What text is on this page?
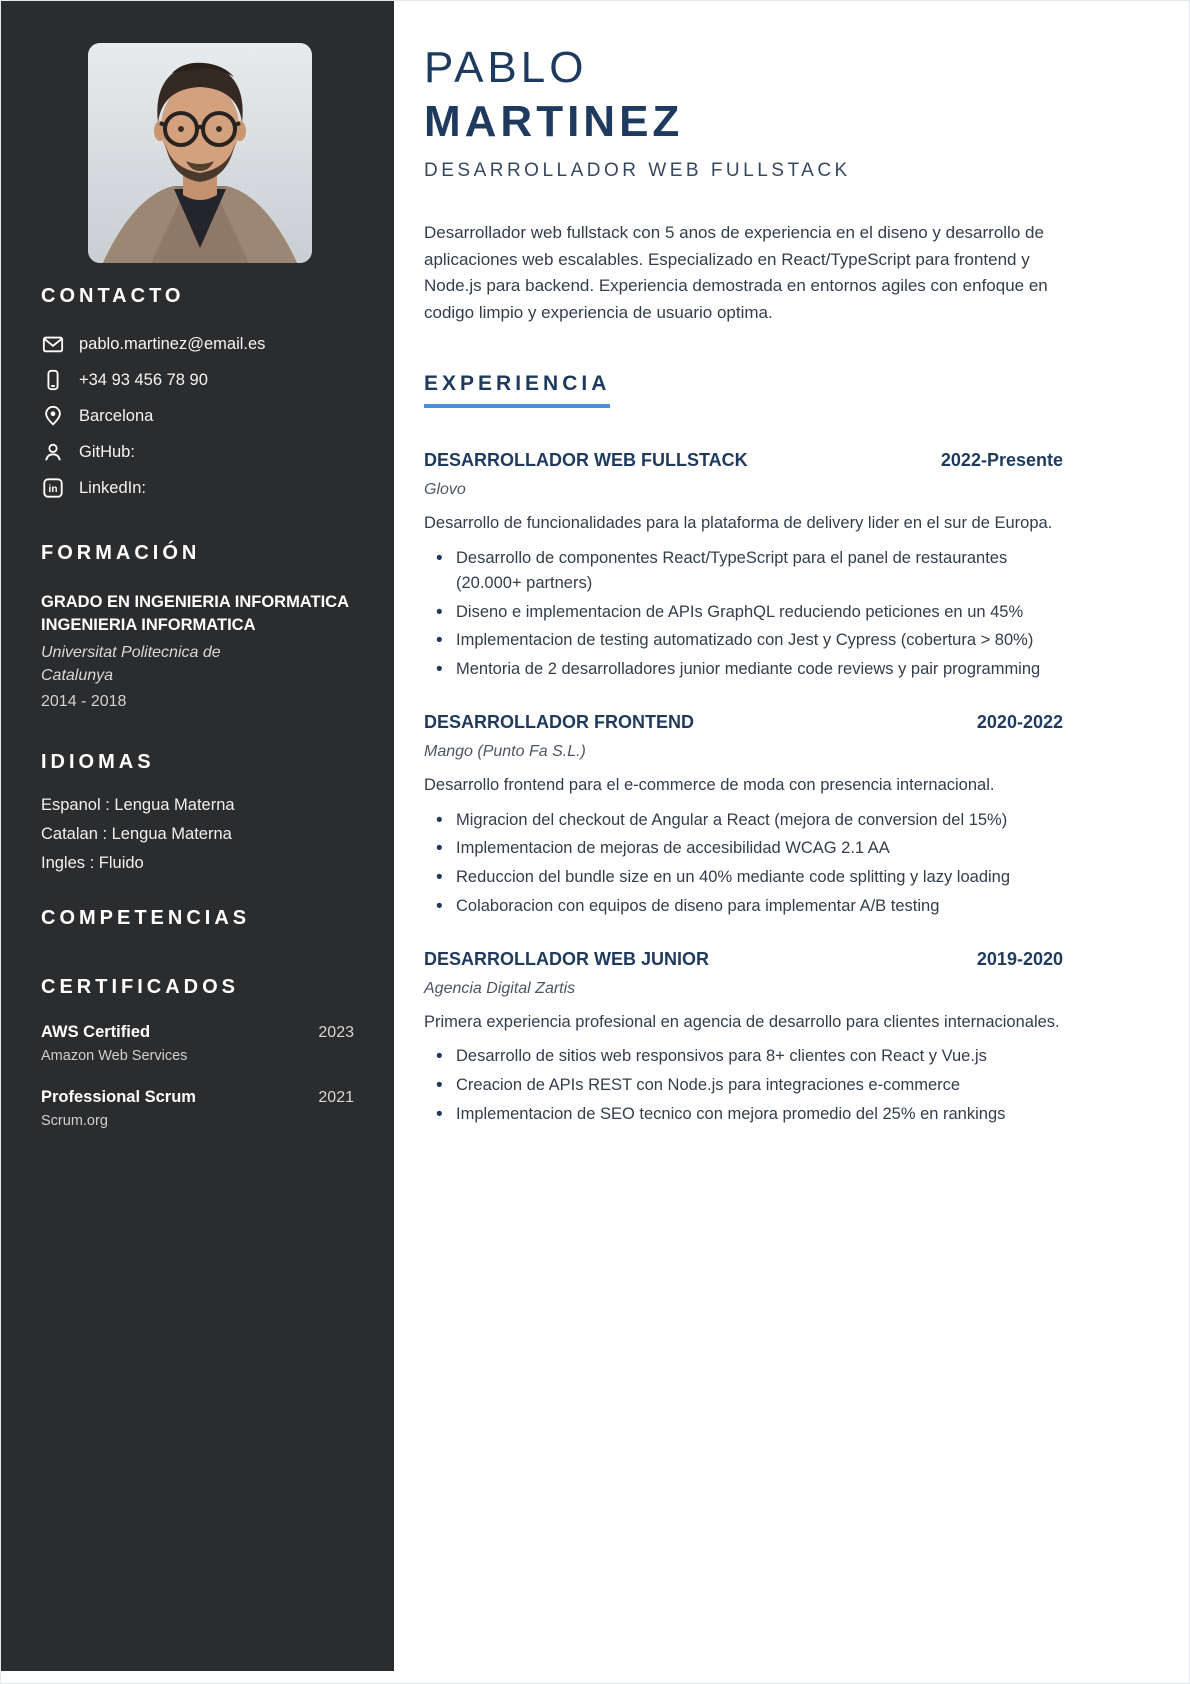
CONTACTO
pablo.martinez@email.es
+34 93 456 78 90
Barcelona
GitHub:
in LinkedIn:
FORMACIÓN
GRADO EN INGENIERIA INFORMATICA INGENIERIA INFORMATICA
Universitat Politecnica de Catalunya
2014 - 2018
IDIOMAS
Espanol : Lengua Materna
Catalan : Lengua Materna
Ingles : Fluido
COMPETENCIAS
CERTIFICADOS
AWS Certified	2023
Amazon Web Services
Professional Scrum	2021
Scrum.org
PABLO
MARTINEZ
DESARROLLADOR WEB FULLSTACK

Desarrollador web fullstack con 5 anos de experiencia en el diseno y desarrollo de aplicaciones web escalables. Especializado en React/TypeScript para frontend y Node.js para backend. Experiencia demostrada en entornos agiles con enfoque en codigo limpio y experiencia de usuario optima.

EXPERIENCIA
DESARROLLADOR WEB FULLSTACK	2022-Presente
Glovo

Desarrollo de funcionalidades para la plataforma de delivery lider en el sur de Europa.

• Desarrollo de componentes React/TypeScript para el panel de restaurantes (20.000+ partners)
• Diseno e implementacion de APIs GraphQL reduciendo peticiones en un 45%
• Implementacion de testing automatizado con Jest y Cypress (cobertura > 80%)
• Mentoria de 2 desarrolladores junior mediante code reviews y pair programming
DESARROLLADOR FRONTEND	2020-2022
Mango (Punto Fa S.L.)

Desarrollo frontend para el e-commerce de moda con presencia internacional.

• Migracion del checkout de Angular a React (mejora de conversion del 15%)
• Implementacion de mejoras de accesibilidad WCAG 2.1 AA
• Reduccion del bundle size en un 40% mediante code splitting y lazy loading
• Colaboracion con equipos de diseno para implementar A/B testing
DESARROLLADOR WEB JUNIOR	2019-2020
Agencia Digital Zartis

Primera experiencia profesional en agencia de desarrollo para clientes internacionales.

• Desarrollo de sitios web responsivos para 8+ clientes con React y Vue.js
• Creacion de APIs REST con Node.js para integraciones e-commerce
• Implementacion de SEO tecnico con mejora promedio del 25% en rankings
